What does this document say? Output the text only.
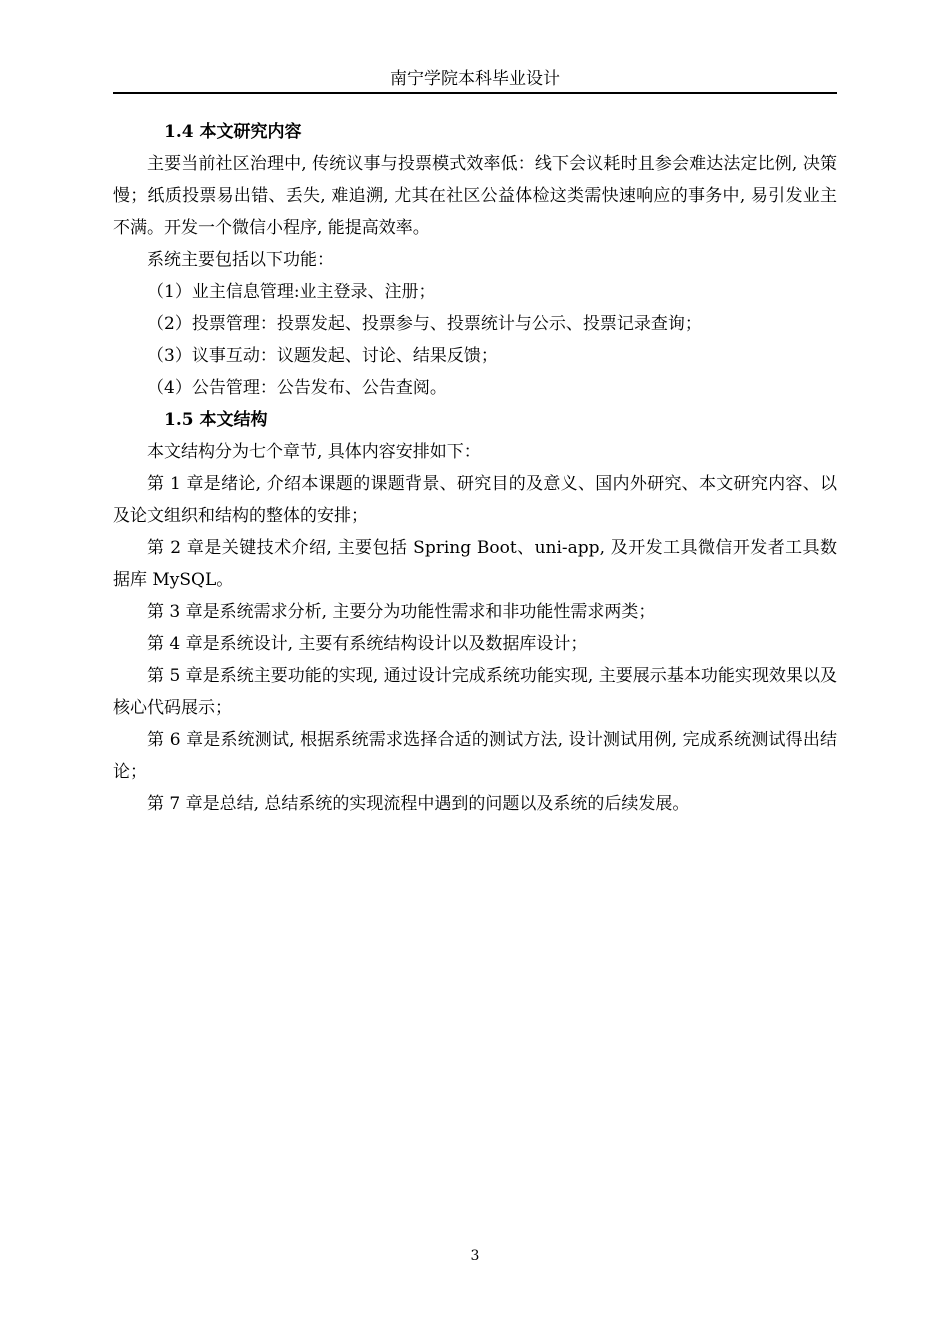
南宁学院本科毕业设计
1.4 本文研究内容

主要当前社区治理中, 传统议事与投票模式效率低：线下会议耗时且参会难达法定比例, 决策慢；纸质投票易出错、丢失, 难追溯, 尤其在社区公益体检这类需快速响应的事务中, 易引发业主不满。开发一个微信小程序, 能提高效率。

系统主要包括以下功能：

（1）业主信息管理:业主登录、注册；

（2）投票管理：投票发起、投票参与、投票统计与公示、投票记录查询；

（3）议事互动：议题发起、讨论、结果反馈；

（4）公告管理：公告发布、公告查阅。

1.5 本文结构

本文结构分为七个章节, 具体内容安排如下：

第 1 章是绪论, 介绍本课题的课题背景、研究目的及意义、国内外研究、本文研究内容、以及论文组织和结构的整体的安排；

第 2 章是关键技术介绍, 主要包括 Spring Boot、uni-app, 及开发工具微信开发者工具数据库 MySQL。

第 3 章是系统需求分析, 主要分为功能性需求和非功能性需求两类；

第 4 章是系统设计, 主要有系统结构设计以及数据库设计；

第 5 章是系统主要功能的实现, 通过设计完成系统功能实现, 主要展示基本功能实现效果以及核心代码展示；

第 6 章是系统测试, 根据系统需求选择合适的测试方法, 设计测试用例, 完成系统测试得出结论；

第 7 章是总结, 总结系统的实现流程中遇到的问题以及系统的后续发展。

3
